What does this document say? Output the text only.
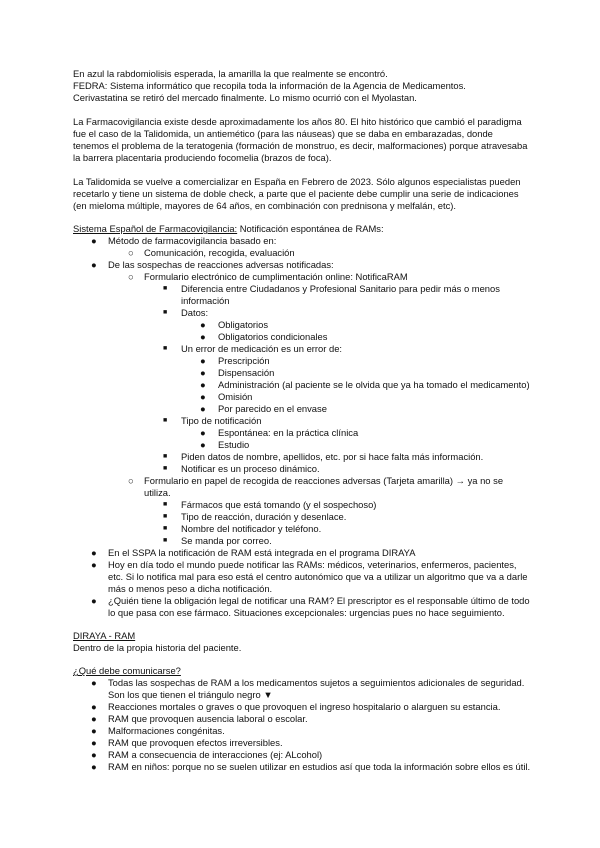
En azul la rabdomiolisis esperada, la amarilla la que realmente se encontró.

FEDRA: Sistema informático que recopila toda la información de la Agencia de Medicamentos.

Cerivastatina se retiró del mercado finalmente. Lo mismo ocurrió con el Myolastan.

La Farmacovigilancia existe desde aproximadamente los años 80. El hito histórico que cambió el paradigma fue el caso de la Talidomida, un antiemético (para las náuseas) que se daba en embarazadas, donde tenemos el problema de la teratogenia (formación de monstruo, es decir, malformaciones) porque atravesaba la barrera placentaria produciendo focomelia (brazos de foca).

La Talidomida se vuelve a comercializar en España en Febrero de 2023. Sólo algunos especialistas pueden recetarlo y tiene un sistema de doble check, a parte que el paciente debe cumplir una serie de indicaciones (en mieloma múltiple, mayores de 64 años, en combinación con prednisona y melfalán, etc).

Sistema Español de Farmacovigilancia: Notificación espontánea de RAMs:

● Método de farmacovigilancia basado en:
○ Comunicación, recogida, evaluación
● De las sospechas de reacciones adversas notificadas:
○ Formulario electrónico de cumplimentación online: NotificaRAM
■ Diferencia entre Ciudadanos y Profesional Sanitario para pedir más o menos información
■ Datos:
● Obligatorios
● Obligatorios condicionales
■ Un error de medicación es un error de:
● Prescripción
● Dispensación
● Administración (al paciente se le olvida que ya ha tomado el medicamento)
● Omisión
● Por parecido en el envase
■ Tipo de notificación
● Espontánea: en la práctica clínica
● Estudio
■ Piden datos de nombre, apellidos, etc. por si hace falta más información.
■ Notificar es un proceso dinámico.
○ Formulario en papel de recogida de reacciones adversas (Tarjeta amarilla) → ya no se utiliza.
■ Fármacos que está tomando (y el sospechoso)
■ Tipo de reacción, duración y desenlace.
■ Nombre del notificador y teléfono.
■ Se manda por correo.
● En el SSPA la notificación de RAM está integrada en el programa DIRAYA
● Hoy en día todo el mundo puede notificar las RAMs: médicos, veterinarios, enfermeros, pacientes, etc. Si lo notifica mal para eso está el centro autonómico que va a utilizar un algoritmo que va a darle más o menos peso a dicha notificación.
● ¿Quién tiene la obligación legal de notificar una RAM? El prescriptor es el responsable último de todo lo que pasa con ese fármaco. Situaciones excepcionales: urgencias pues no hace seguimiento.

DIRAYA - RAM

Dentro de la propia historia del paciente.

¿Qué debe comunicarse?

● Todas las sospechas de RAM a los medicamentos sujetos a seguimientos adicionales de seguridad. Son los que tienen el triángulo negro ▼
● Reacciones mortales o graves o que provoquen el ingreso hospitalario o alarguen su estancia.
● RAM que provoquen ausencia laboral o escolar.
● Malformaciones congénitas.
● RAM que provoquen efectos irreversibles.
● RAM a consecuencia de interacciones (ej: ALcohol)
● RAM en niños: porque no se suelen utilizar en estudios así que toda la información sobre ellos es útil.
